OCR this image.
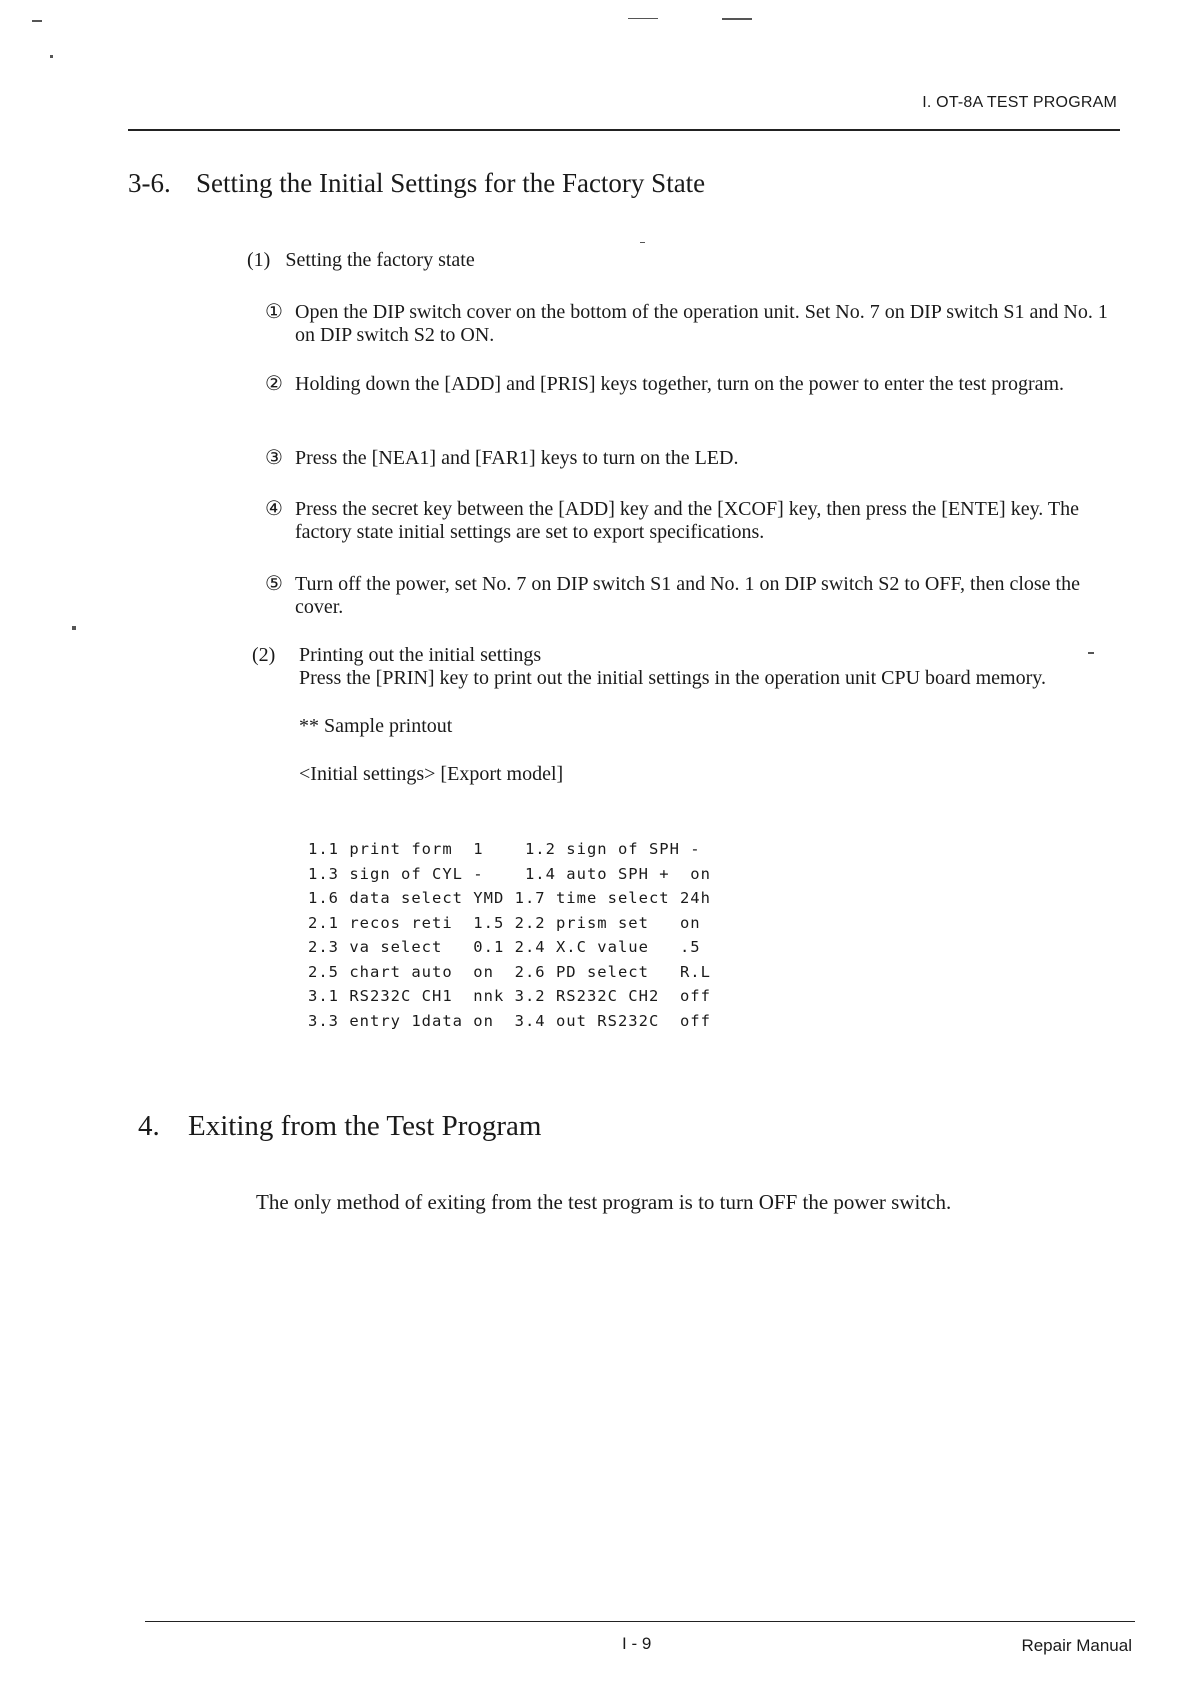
I. OT-8A TEST PROGRAM
3-6. Setting the Initial Settings for the Factory State
(1) Setting the factory state
① Open the DIP switch cover on the bottom of the operation unit. Set No. 7 on DIP switch S1 and No. 1 on DIP switch S2 to ON.
② Holding down the [ADD] and [PRIS] keys together, turn on the power to enter the test program.
③ Press the [NEA1] and [FAR1] keys to turn on the LED.
④ Press the secret key between the [ADD] key and the [XCOF] key, then press the [ENTE] key. The factory state initial settings are set to export specifications.
⑤ Turn off the power, set No. 7 on DIP switch S1 and No. 1 on DIP switch S2 to OFF, then close the cover.
(2) Printing out the initial settings
Press the [PRIN] key to print out the initial settings in the operation unit CPU board memory.
** Sample printout
<Initial settings> [Export model]
1.1 print form  1    1.2 sign of SPH -
1.3 sign of CYL -    1.4 auto SPH +  on
1.6 data select YMD 1.7 time select 24h
2.1 recos reti  1.5 2.2 prism set   on
2.3 va select   0.1 2.4 X.C value   .5
2.5 chart auto  on  2.6 PD select   R.L
3.1 RS232C CH1  nnk 3.2 RS232C CH2  off
3.3 entry 1data on  3.4 out RS232C  off
4. Exiting from the Test Program
The only method of exiting from the test program is to turn OFF the power switch.
I - 9	Repair Manual
